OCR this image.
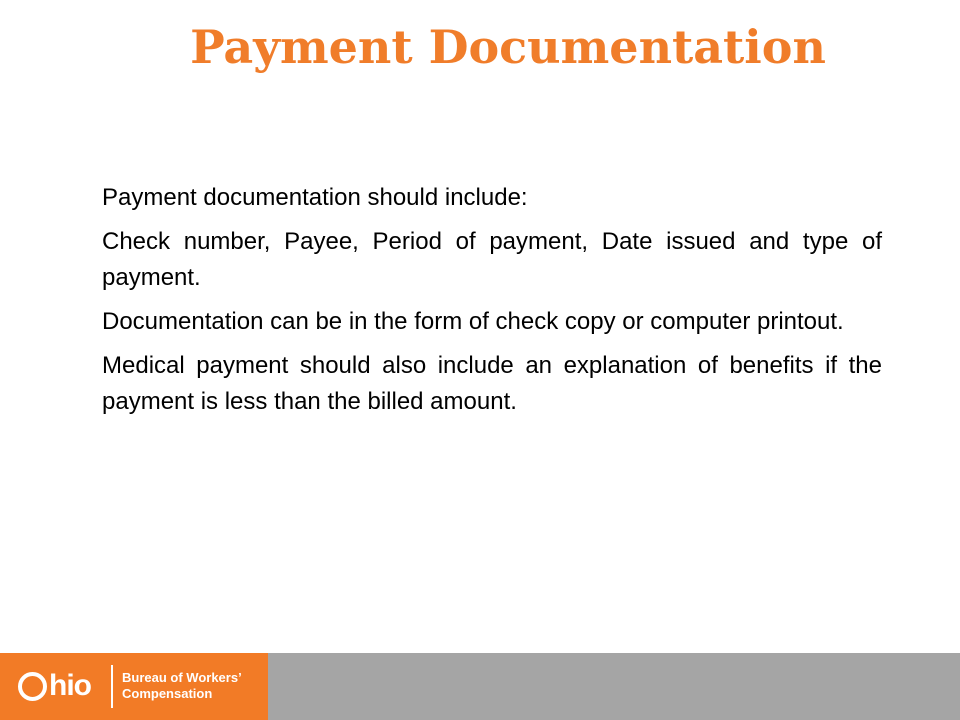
Payment Documentation
Payment documentation should include:
Check number, Payee, Period of payment, Date issued and type of payment.
Documentation can be in the form of check copy or computer printout.
Medical payment should also include an explanation of benefits if the payment is less than the billed amount.
hio Bureau of Workers’
Compensation
